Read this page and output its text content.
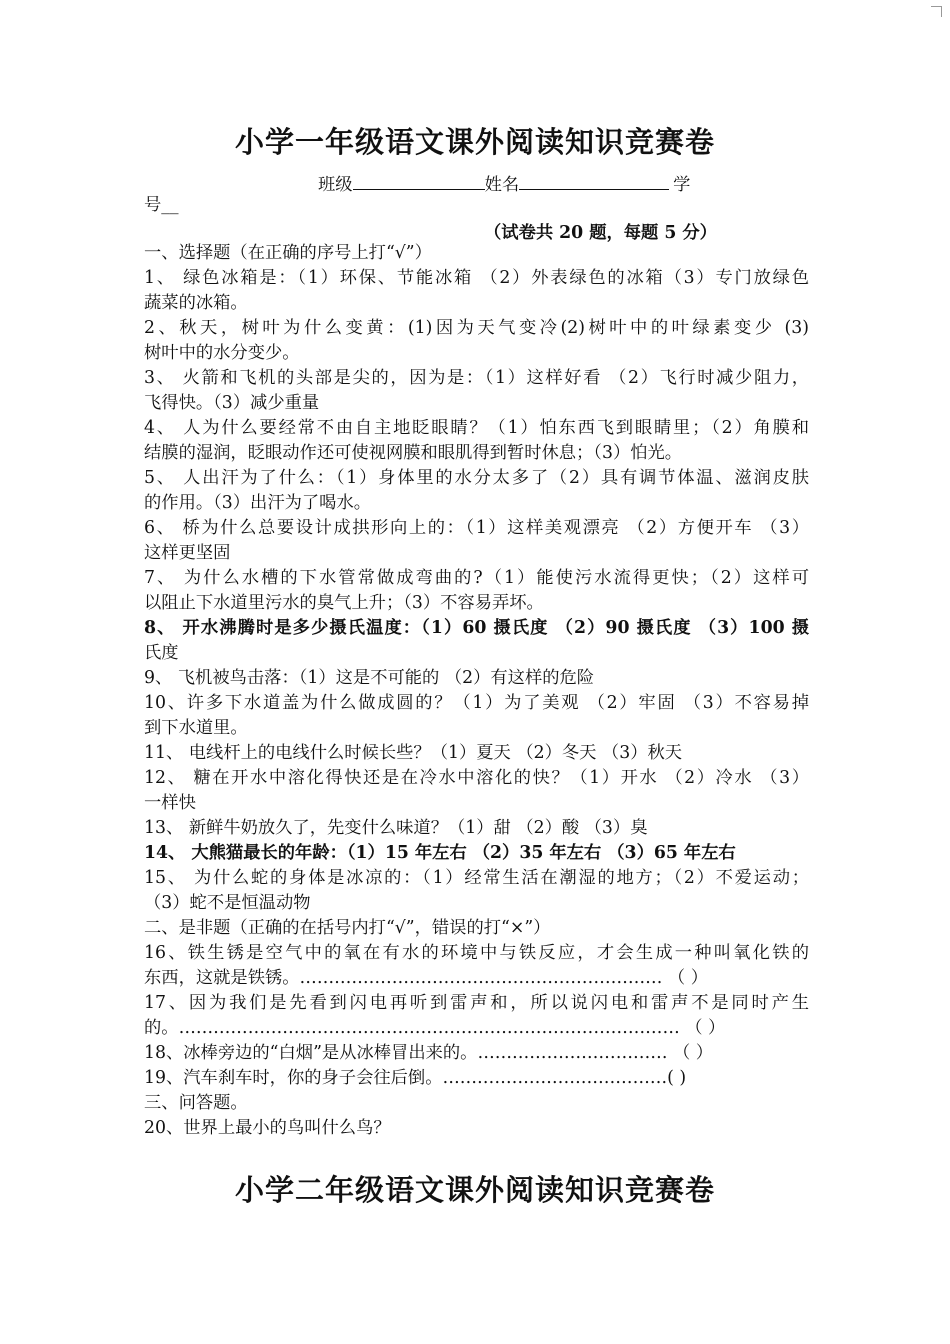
小学一年级语文课外阅读知识竞赛卷
班级	姓名	学
号__
（试卷共 20 题，每题 5 分）
一、选择题（在正确的序号上打“√”）
1、 绿色冰箱是：（1）环保、节能冰箱 （2）外表绿色的冰箱（3）专门放绿色
蔬菜的冰箱。
2、秋天，树叶为什么变黄：(1)因为天气变冷(2)树叶中的叶绿素变少 (3)
树叶中的水分变少。
3、 火箭和飞机的头部是尖的，因为是：（1）这样好看 （2）飞行时减少阻力，
飞得快。（3）减少重量
4、 人为什么要经常不由自主地眨眼睛？（1）怕东西飞到眼睛里；（2）角膜和
结膜的湿润，眨眼动作还可使视网膜和眼肌得到暂时休息；（3）怕光。
5、 人出汗为了什么：（1）身体里的水分太多了（2）具有调节体温、滋润皮肤
的作用。（3）出汗为了喝水。
6、 桥为什么总要设计成拱形向上的：（1）这样美观漂亮 （2）方便开车 （3）
这样更坚固
7、 为什么水槽的下水管常做成弯曲的?（1）能使污水流得更快；（2）这样可
以阻止下水道里污水的臭气上升；（3）不容易弄坏。
8、 开水沸腾时是多少摄氏温度：（1）60 摄氏度 （2）90 摄氏度 （3）100 摄
氏度
9、 飞机被鸟击落：（1）这是不可能的 （2）有这样的危险
10、许多下水道盖为什么做成圆的？（1）为了美观 （2）牢固 （3）不容易掉
到下水道里。
11、 电线杆上的电线什么时候长些？（1）夏天 （2）冬天 （3）秋天
12、 糖在开水中溶化得快还是在冷水中溶化的快？（1）开水 （2）冷水 （3）
一样快
13、 新鲜牛奶放久了，先变什么味道？（1）甜 （2）酸 （3）臭
14、 大熊猫最长的年龄：（1）15 年左右 （2）35 年左右 （3）65 年左右
15、 为什么蛇的身体是冰凉的：（1）经常生活在潮湿的地方；（2）不爱运动；
（3）蛇不是恒温动物
二、是非题（正确的在括号内打“√”，错误的打“×”）
16、铁生锈是空气中的氧在有水的环境中与铁反应，才会生成一种叫氧化铁的
东西，这就是铁锈。……………………………………………………… （ ）
17、因为我们是先看到闪电再听到雷声和，所以说闪电和雷声不是同时产生
的。…………………………………………………………………………… （ ）
18、冰棒旁边的“白烟”是从冰棒冒出来的。…………………………… （ ）
19、汽车刹车时，你的身子会往后倒。…………………………………( )
三、问答题。
20、世界上最小的鸟叫什么鸟？
小学二年级语文课外阅读知识竞赛卷
